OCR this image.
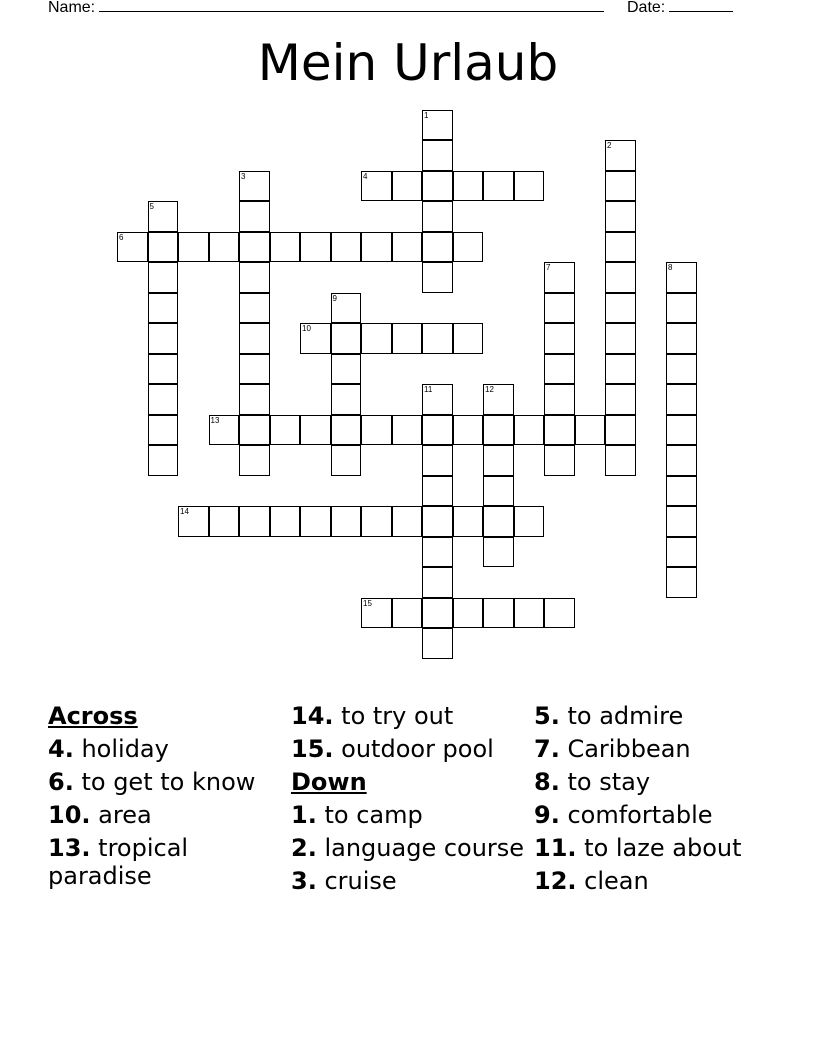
Name:	Date:
Mein Urlaub
1
2
3	4
5
6
7	8
9
10
11	12
13
14
15
Across
4. holiday
6. to get to know
10. area
13. tropical paradise
14. to try out
15. outdoor pool
Down
1. to camp
2. language course
3. cruise
5. to admire
7. Caribbean
8. to stay
9. comfortable
11. to laze about
12. clean
